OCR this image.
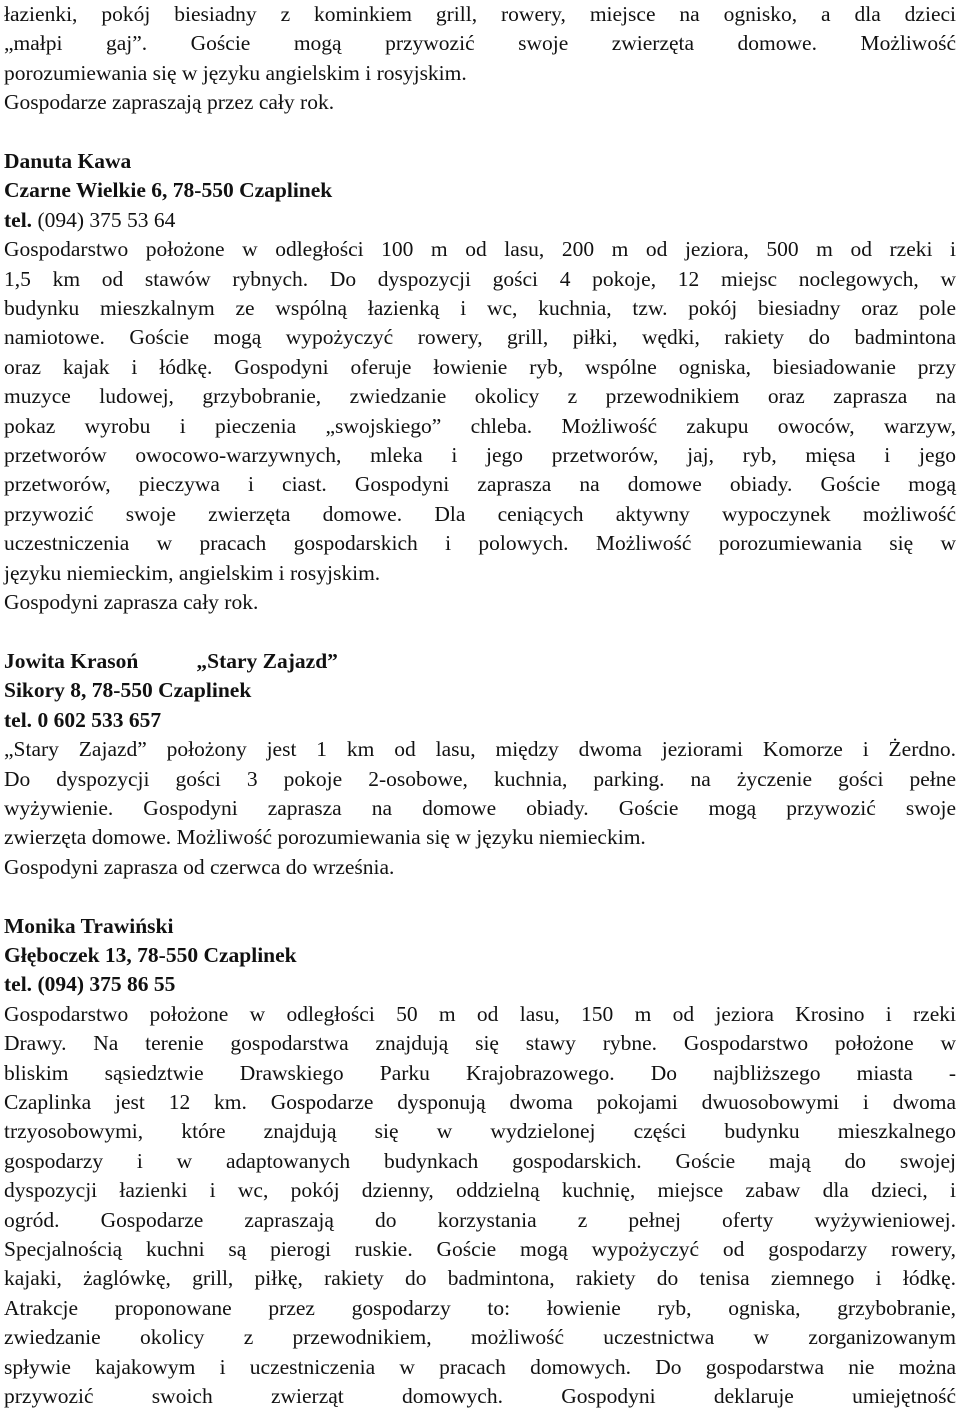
łazienki, pokój biesiadny z kominkiem grill, rowery, miejsce na ognisko, a dla dzieci
„małpi gaj”. Goście mogą przywozić swoje zwierzęta domowe. Możliwość
porozumiewania się w języku angielskim i rosyjskim.
Gospodarze zapraszają przez cały rok.
Danuta Kawa
Czarne Wielkie 6, 78-550 Czaplinek
tel. (094) 375 53 64
Gospodarstwo położone w odległości 100 m od lasu, 200 m od jeziora, 500 m od rzeki i
1,5 km od stawów rybnych. Do dyspozycji gości 4 pokoje, 12 miejsc noclegowych, w
budynku mieszkalnym ze wspólną łazienką i wc, kuchnia, tzw. pokój biesiadny oraz pole
namiotowe. Goście mogą wypożyczyć rowery, grill, piłki, wędki, rakiety do badmintona
oraz kajak i łódkę. Gospodyni oferuje łowienie ryb, wspólne ogniska, biesiadowanie przy
muzyce ludowej, grzybobranie, zwiedzanie okolicy z przewodnikiem oraz zaprasza na
pokaz wyrobu i pieczenia „swojskiego” chleba. Możliwość zakupu owoców, warzyw,
przetworów owocowo-warzywnych, mleka i jego przetworów, jaj, ryb, mięsa i jego
przetworów, pieczywa i ciast. Gospodyni zaprasza na domowe obiady. Goście mogą
przywozić swoje zwierzęta domowe. Dla ceniących aktywny wypoczynek możliwość
uczestniczenia w pracach gospodarskich i polowych. Możliwość porozumiewania się w
języku niemieckim, angielskim i rosyjskim.
Gospodyni zaprasza cały rok.
Jowita Krasoń	„Stary Zajazd”
Sikory 8, 78-550 Czaplinek
tel. 0 602 533 657
„Stary Zajazd” położony jest 1 km od lasu, między dwoma jeziorami Komorze i Żerdno.
Do dyspozycji gości 3 pokoje 2-osobowe, kuchnia, parking. na życzenie gości pełne
wyżywienie. Gospodyni zaprasza na domowe obiady. Goście mogą przywozić swoje
zwierzęta domowe. Możliwość porozumiewania się w języku niemieckim.
Gospodyni zaprasza od czerwca do września.
Monika Trawiński
Głęboczek 13, 78-550 Czaplinek
tel. (094) 375 86 55
Gospodarstwo położone w odległości 50 m od lasu, 150 m od jeziora Krosino i rzeki
Drawy. Na terenie gospodarstwa znajdują się stawy rybne. Gospodarstwo położone w
bliskim sąsiedztwie Drawskiego Parku Krajobrazowego. Do najbliższego miasta -
Czaplinka jest 12 km. Gospodarze dysponują dwoma pokojami dwuosobowymi i dwoma
trzyosobowymi, które znajdują się w wydzielonej części budynku mieszkalnego
gospodarzy i w adaptowanych budynkach gospodarskich. Goście mają do swojej
dyspozycji łazienki i wc, pokój dzienny, oddzielną kuchnię, miejsce zabaw dla dzieci, i
ogród. Gospodarze zapraszają do korzystania z pełnej oferty wyżywieniowej.
Specjalnością kuchni są pierogi ruskie. Goście mogą wypożyczyć od gospodarzy rowery,
kajaki, żaglówkę, grill, piłkę, rakiety do badmintona, rakiety do tenisa ziemnego i łódkę.
Atrakcje proponowane przez gospodarzy to: łowienie ryb, ogniska, grzybobranie,
zwiedzanie okolicy z przewodnikiem, możliwość uczestnictwa w zorganizowanym
spływie kajakowym i uczestniczenia w pracach domowych. Do gospodarstwa nie można
przywozić swoich zwierząt domowych. Gospodyni deklaruje umiejętność
